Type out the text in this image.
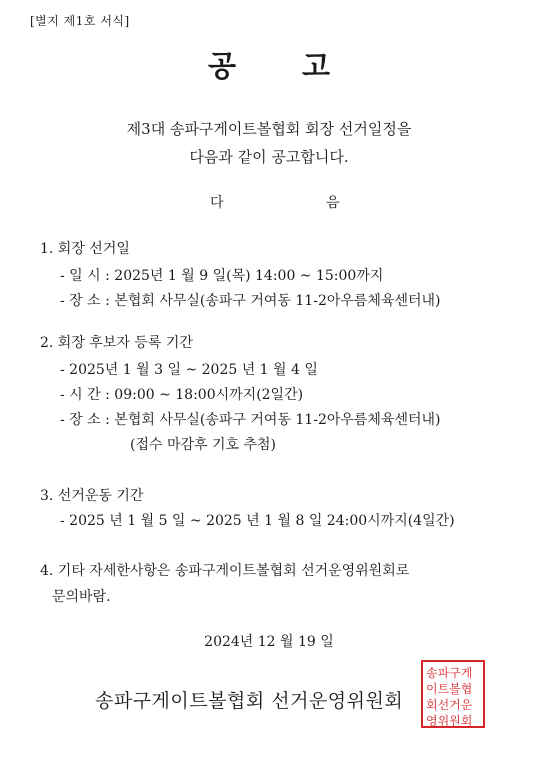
[별지 제1호 서식]
공고
제3대 송파구게이트볼협회 회장 선거일정을
다음과 같이 공고합니다.
다	음
1. 회장 선거일
- 일 시 : 2025년 1 월 9 일(목) 14:00 ~ 15:00까지
- 장 소 : 본협회 사무실(송파구 거여동 11-2아우름체육센터내)
2. 회장 후보자 등록 기간
- 2025년 1 월 3 일 ~ 2025 년 1 월 4 일
- 시 간 : 09:00 ~ 18:00시까지(2일간)
- 장 소 : 본협회 사무실(송파구 거여동 11-2아우름체육센터내)
(접수 마감후 기호 추첨)
3. 선거운동 기간
- 2025 년 1 월 5 일 ~ 2025 년 1 월 8 일 24:00시까지(4일간)
4. 기타 자세한사항은 송파구게이트볼협회 선거운영위원회로
문의바람.
2024년 12 월 19 일
송파구게이트볼협회 선거운영위원회
송파구게
이트볼협
회선거운
영위원회
